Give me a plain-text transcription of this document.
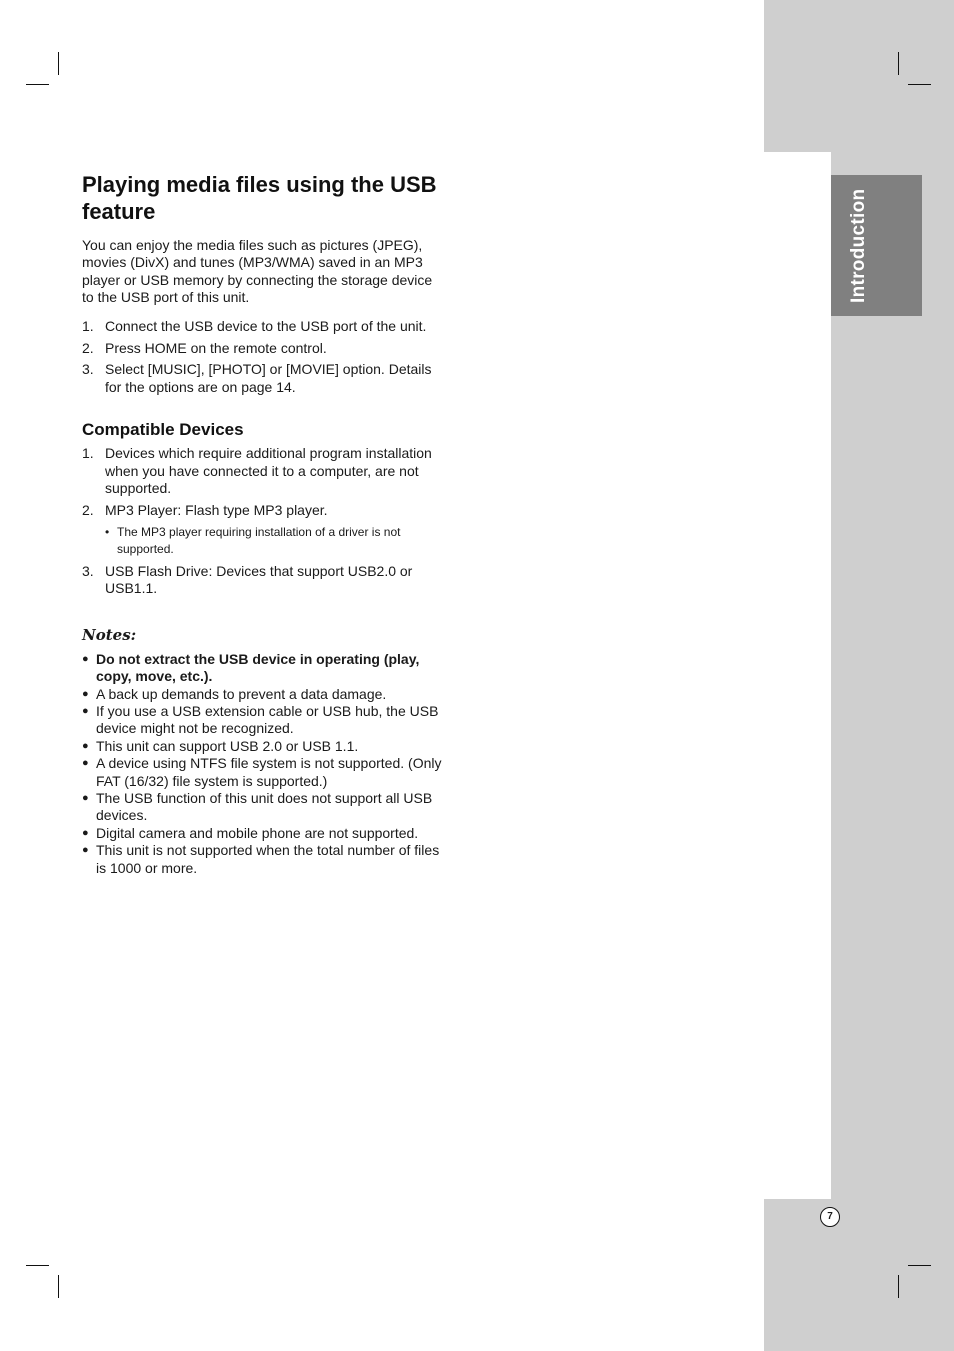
Introduction
7
Playing media files using the USB feature

You can enjoy the media files such as pictures (JPEG), movies (DivX) and tunes (MP3/WMA) saved in an MP3 player or USB memory by connecting the storage device to the USB port of this unit.

1. Connect the USB device to the USB port of the unit.
2. Press HOME on the remote control.
3. Select [MUSIC], [PHOTO] or [MOVIE] option. Details for the options are on page 14.
Compatible Devices
1. Devices which require additional program installation when you have connected it to a computer, are not supported.
2. MP3 Player: Flash type MP3 player.
• The MP3 player requiring installation of a driver is not supported.
3. USB Flash Drive: Devices that support USB2.0 or USB1.1.
Notes:
● Do not extract the USB device in operating (play, copy, move, etc.).
● A back up demands to prevent a data damage.
● If you use a USB extension cable or USB hub, the USB device might not be recognized.
● This unit can support USB 2.0 or USB 1.1.
● A device using NTFS file system is not supported. (Only FAT (16/32) file system is supported.)
● The USB function of this unit does not support all USB devices.
● Digital camera and mobile phone are not supported.
● This unit is not supported when the total number of files is 1000 or more.
